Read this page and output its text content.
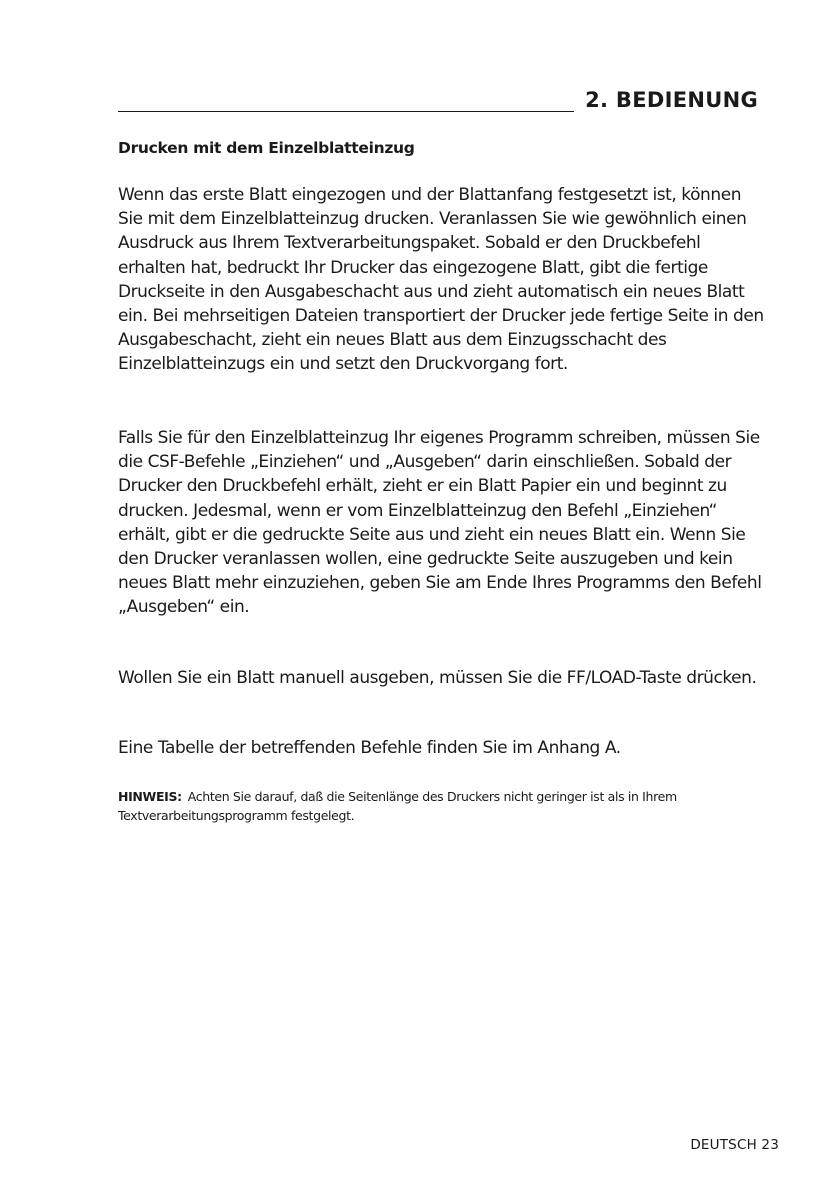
2. BEDIENUNG
Drucken mit dem Einzelblatteinzug

Wenn das erste Blatt eingezogen und der Blattanfang festgesetzt ist, können Sie mit dem Einzelblatteinzug drucken. Veranlassen Sie wie gewöhnlich einen Ausdruck aus Ihrem Textverarbeitungspaket. Sobald er den Druckbefehl erhalten hat, bedruckt Ihr Drucker das eingezogene Blatt, gibt die fertige Druckseite in den Ausgabeschacht aus und zieht automatisch ein neues Blatt ein. Bei mehrseitigen Dateien transportiert der Drucker jede fertige Seite in den Ausgabeschacht, zieht ein neues Blatt aus dem Einzugsschacht des Einzelblatteinzugs ein und setzt den Druckvorgang fort.

Falls Sie für den Einzelblatteinzug Ihr eigenes Programm schreiben, müssen Sie die CSF-Befehle „Einziehen“ und „Ausgeben“ darin einschließen. Sobald der Drucker den Druckbefehl erhält, zieht er ein Blatt Papier ein und beginnt zu drucken. Jedesmal, wenn er vom Einzelblatteinzug den Befehl „Einziehen“ erhält, gibt er die gedruckte Seite aus und zieht ein neues Blatt ein. Wenn Sie den Drucker veranlassen wollen, eine gedruckte Seite auszugeben und kein neues Blatt mehr einzuziehen, geben Sie am Ende Ihres Programms den Befehl „Ausgeben“ ein.

Wollen Sie ein Blatt manuell ausgeben, müssen Sie die FF/LOAD-Taste drücken.

Eine Tabelle der betreffenden Befehle finden Sie im Anhang A.

HINWEIS: Achten Sie darauf, daß die Seitenlänge des Druckers nicht geringer ist als in Ihrem Textverarbeitungsprogramm festgelegt.

DEUTSCH 23
